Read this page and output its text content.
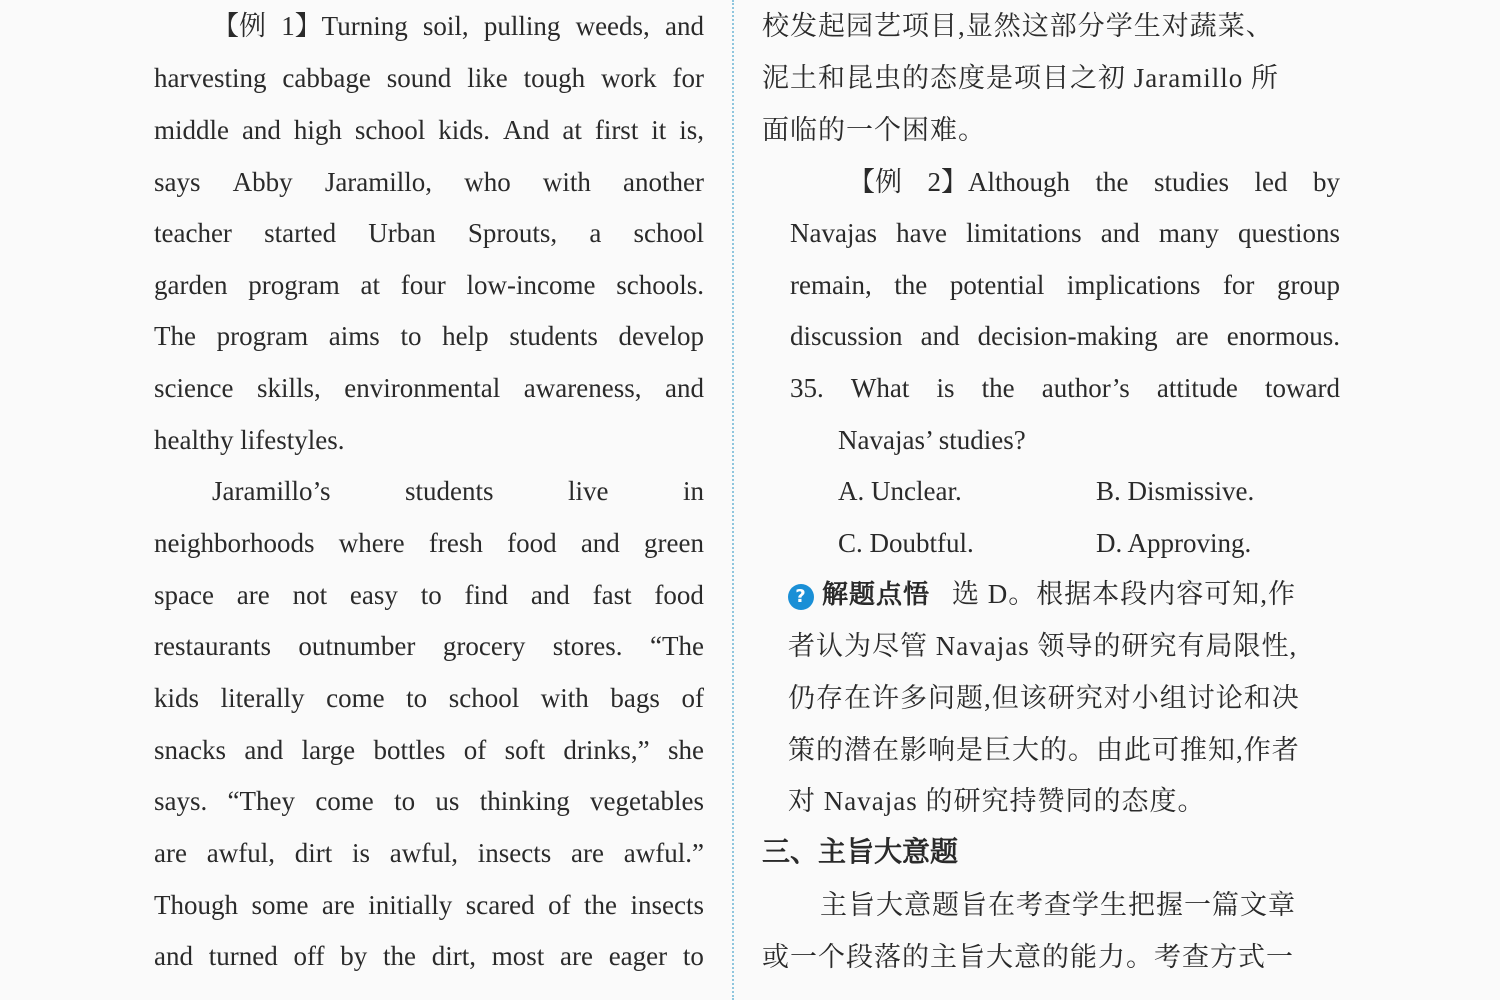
【例 1】Turning soil, pulling weeds, and
harvesting cabbage sound like tough work for
middle and high school kids. And at first it is,
says Abby Jaramillo, who with another
teacher started Urban Sprouts, a school
garden program at four low-income schools.
The program aims to help students develop
science skills, environmental awareness, and
healthy lifestyles.
Jaramillo’s	students	live	in
neighborhoods where fresh food and green
space are not easy to find and fast food
restaurants outnumber grocery stores. “The
kids literally come to school with bags of
snacks and large bottles of soft drinks,” she
says. “They come to us thinking vegetables
are awful, dirt is awful, insects are awful.”
Though some are initially scared of the insects
and turned off by the dirt, most are eager to
校发起园艺项目,显然这部分学生对蔬菜、
泥土和昆虫的态度是项目之初 Jaramillo 所
面临的一个困难。
【例 2】Although the studies led by
Navajas have limitations and many questions
remain, the potential implications for group
discussion and decision-making are enormous.
35. What is the author’s attitude toward
Navajas’ studies?
A. Unclear.	B. Dismissive.
C. Doubtful.	D. Approving.
? 解题点悟 选 D。根据本段内容可知,作
者认为尽管 Navajas 领导的研究有局限性,
仍存在许多问题,但该研究对小组讨论和决
策的潜在影响是巨大的。由此可推知,作者
对 Navajas 的研究持赞同的态度。
三、主旨大意题
主旨大意题旨在考查学生把握一篇文章
或一个段落的主旨大意的能力。考查方式一
